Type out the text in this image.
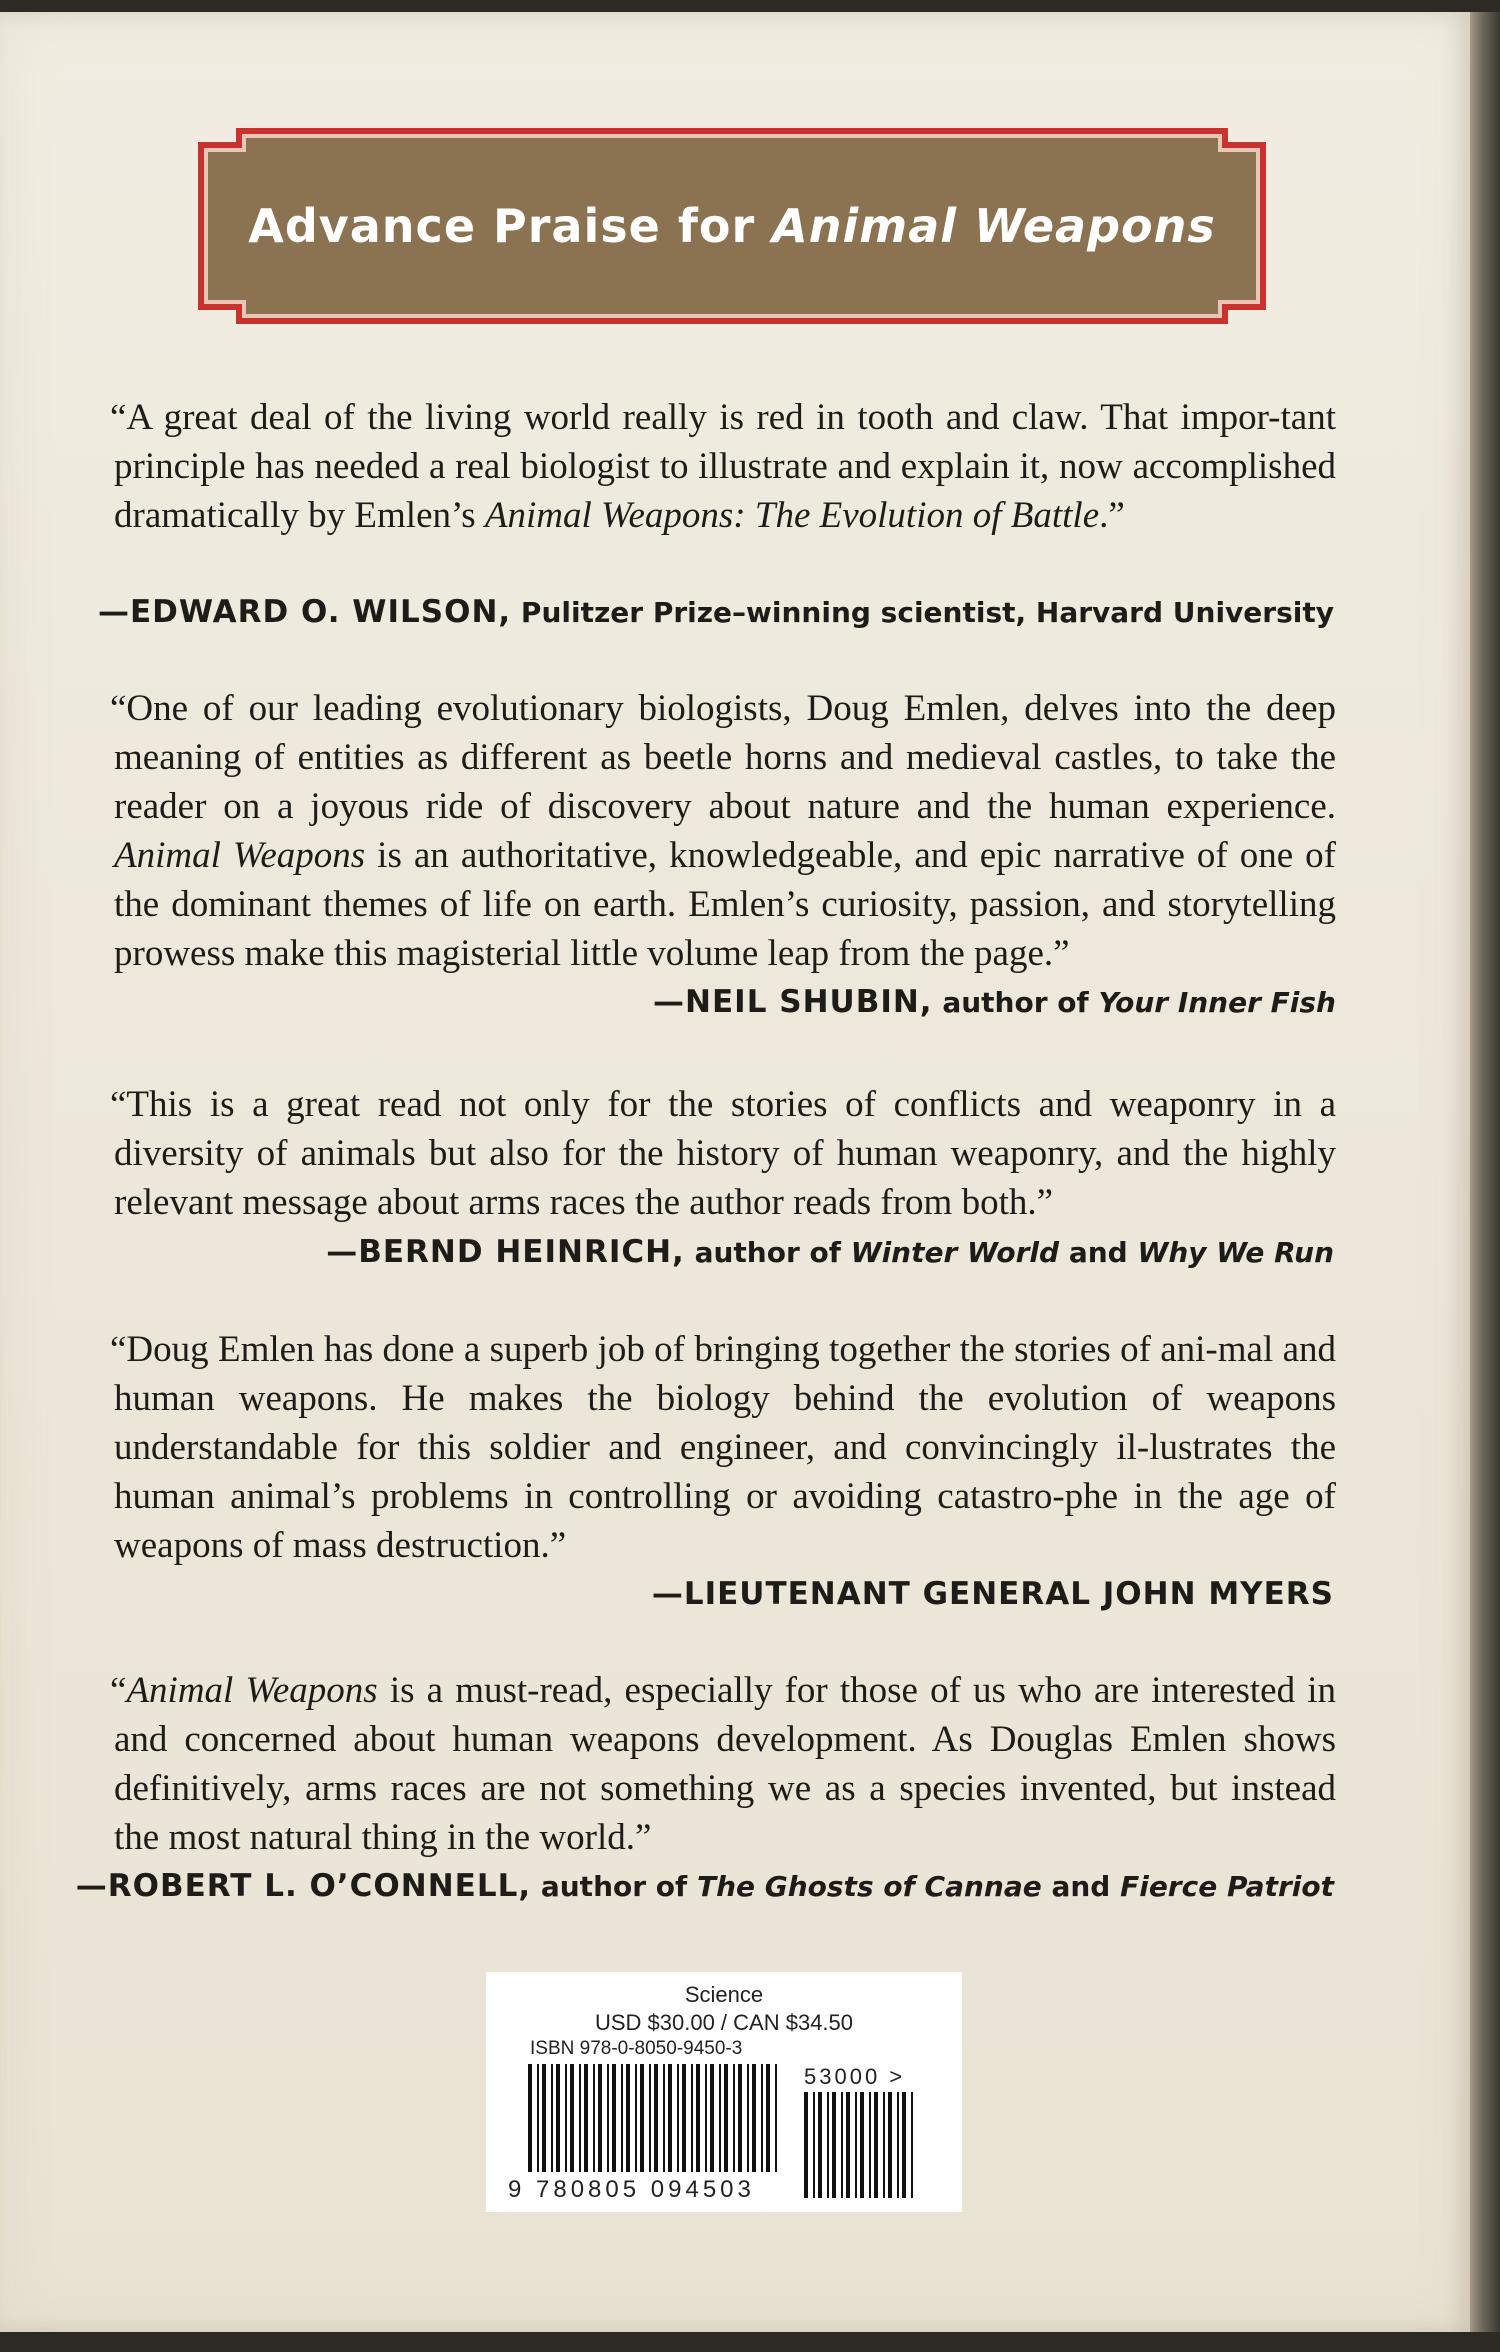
Advance Praise for Animal Weapons
“A great deal of the living world really is red in tooth and claw. That impor-tant principle has needed a real biologist to illustrate and explain it, now accomplished dramatically by Emlen’s Animal Weapons: The Evolution of Battle.”
—EDWARD O. WILSON, Pulitzer Prize–winning scientist, Harvard University
“One of our leading evolutionary biologists, Doug Emlen, delves into the deep meaning of entities as different as beetle horns and medieval castles, to take the reader on a joyous ride of discovery about nature and the human experience. Animal Weapons is an authoritative, knowledgeable, and epic narrative of one of the dominant themes of life on earth. Emlen’s curiosity, passion, and storytelling prowess make this magisterial little volume leap from the page.”
—NEIL SHUBIN, author of Your Inner Fish
“This is a great read not only for the stories of conflicts and weaponry in a diversity of animals but also for the history of human weaponry, and the highly relevant message about arms races the author reads from both.”
—BERND HEINRICH, author of Winter World and Why We Run
“Doug Emlen has done a superb job of bringing together the stories of ani-mal and human weapons. He makes the biology behind the evolution of weapons understandable for this soldier and engineer, and convincingly il-lustrates the human animal’s problems in controlling or avoiding catastro-phe in the age of weapons of mass destruction.”
—LIEUTENANT GENERAL JOHN MYERS
“Animal Weapons is a must-read, especially for those of us who are interested in and concerned about human weapons development. As Douglas Emlen shows definitively, arms races are not something we as a species invented, but instead the most natural thing in the world.”
—ROBERT L. O’CONNELL, author of The Ghosts of Cannae and Fierce Patriot
Science
USD $30.00 / CAN $34.50
ISBN 978-0-8050-9450-3
53000 >
9 780805 094503
